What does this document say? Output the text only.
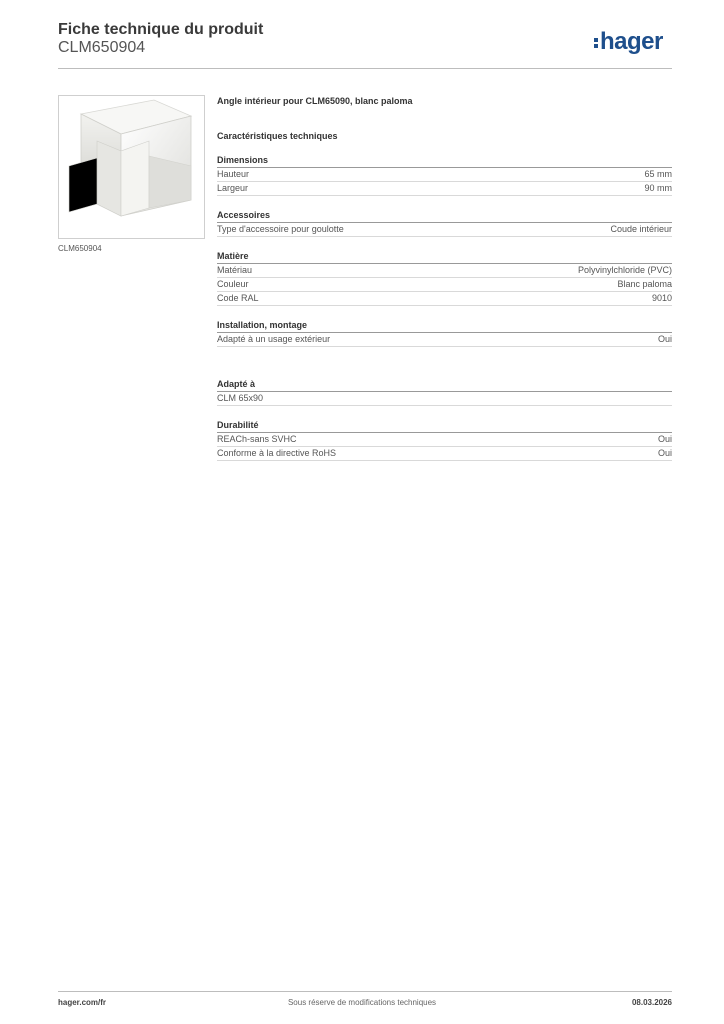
Fiche technique du produit
CLM650904	hager
CLM650904
Angle intérieur pour CLM65090, blanc paloma
Caractéristiques techniques
Dimensions
Hauteur	65 mm
Largeur	90 mm
Accessoires
Type d'accessoire pour goulotte	Coude intérieur
Matière
Matériau	Polyvinylchloride (PVC)
Couleur	Blanc paloma
Code RAL	9010
Installation, montage
Adapté à un usage extérieur	Oui
Adapté à
CLM 65x90
Durabilité
REACh-sans SVHC	Oui
Conforme à la directive RoHS	Oui
hager.com/fr	Sous réserve de modifications techniques	08.03.2026
